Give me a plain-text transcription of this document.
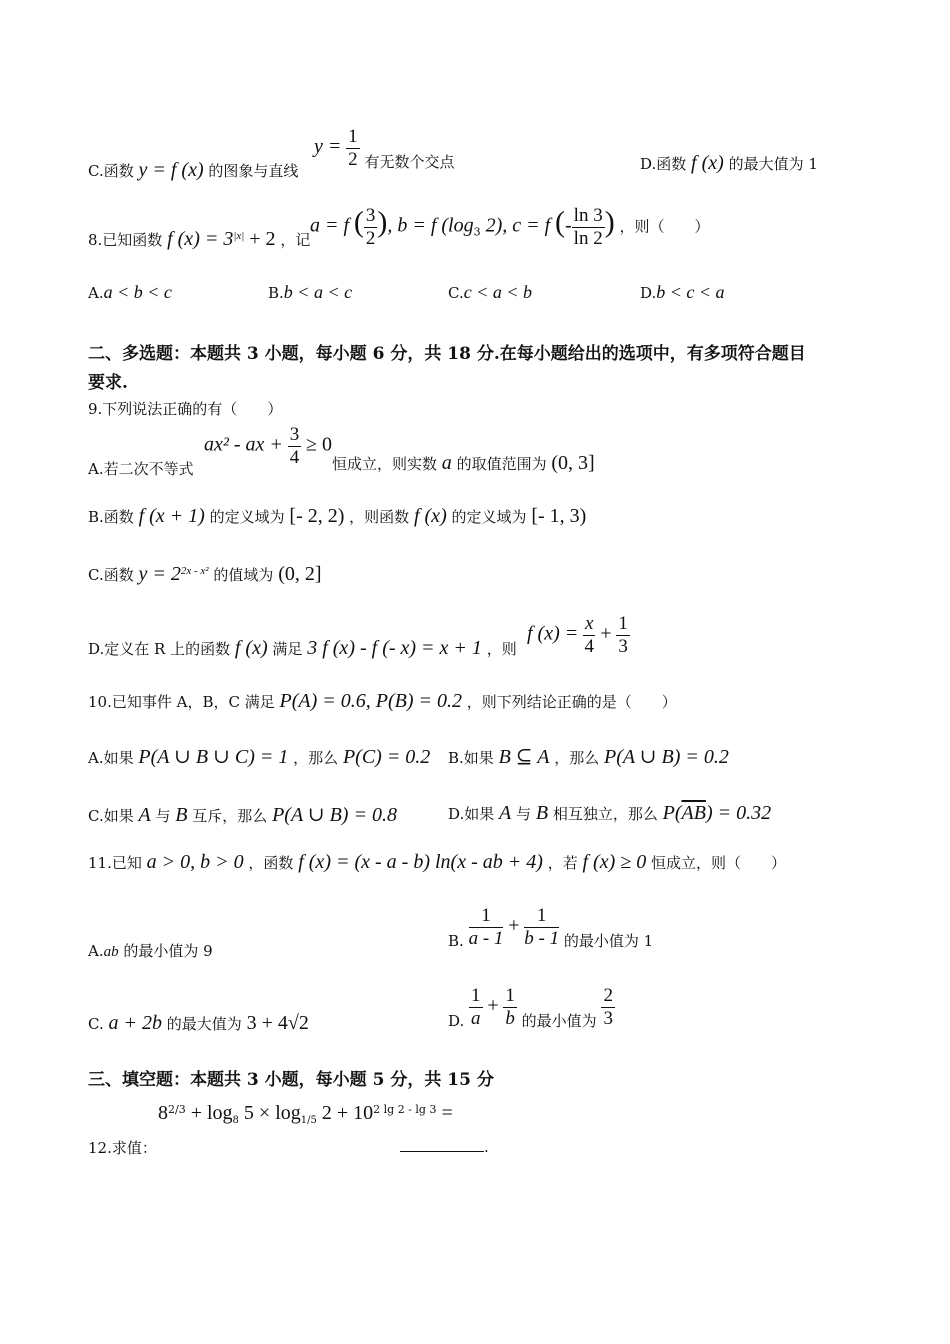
C.函数 y = f (x) 的图象与直线
$y = \frac{1}{2}$ 有无数个交点	D.函数 f (x) 的最大值为 1
8.已知函数 f $(x) = 3^{|x|} + 2$ ，记
a = f ( $\frac{3}{2}$ ), b = f ($\log_3$ 2), c = f (- $\frac{\ln 3}{\ln 2}$ ) ，则（　　）
A.a < b < c	B.b < a < c	C.c < a < b	D.b < c < a
二、多选题：本题共 3 小题，每小题 6 分，共 18 分.在每小题给出的选项中，有多项符合题目
要求.
9.下列说法正确的有（　　）
A.若二次不等式
ax² - ax + $\frac{3}{4} \ge 0$
恒成立，则实数 a 的取值范围为 (0, 3]
B.函数 f (x + 1) 的定义域为 [- 2, 2) ，则函数 f (x) 的定义域为 [- 1, 3)
C.函数 $y = 2^{2x - x^2}$ 的值域为 (0, 2]
D.定义在 R 上的函数 f (x) 满足 3 f (x) - f (- x) = x + 1 ，则
f $(x) = \frac{x}{4} + \frac{1}{3}$
10.已知事件 A，B，C 满足 P(A) = 0.6, P(B) = 0.2 ，则下列结论正确的是（　　）
A.如果 P(A ∪ B ∪ C) = 1 ，那么 P(C) = 0.2 B.如果 B ⊆ A ，那么 P(A ∪ B) = 0.2
C.如果 A 与 B 互斥，那么 P(A ∪ B) = 0.8	D.如果 A 与 B 相互独立，那么 $P(\overline{AB}) = 0.32$
11.已知 a > 0, b > 0 ，函数 f (x) = (x - a - b) ln(x - ab + 4) ，若 f (x) ≥ 0 恒成立，则（　　）
A.ab 的最小值为 9
B. $\frac{1}{a - 1} + \frac{1}{b - 1}$ 的最小值为 1
C. a + 2b 的最大值为 3 + 4√2	D. $\frac{1}{a} + \frac{1}{b}$ 的最小值为 $\frac{2}{3}$
三、填空题：本题共 3 小题，每小题 5 分，共 15 分
$8^{2/3} + \log_8 5 \times \log_{1/5} 2 + 10^{2 lg 2 - lg 3}$ =
12.求值：	.
